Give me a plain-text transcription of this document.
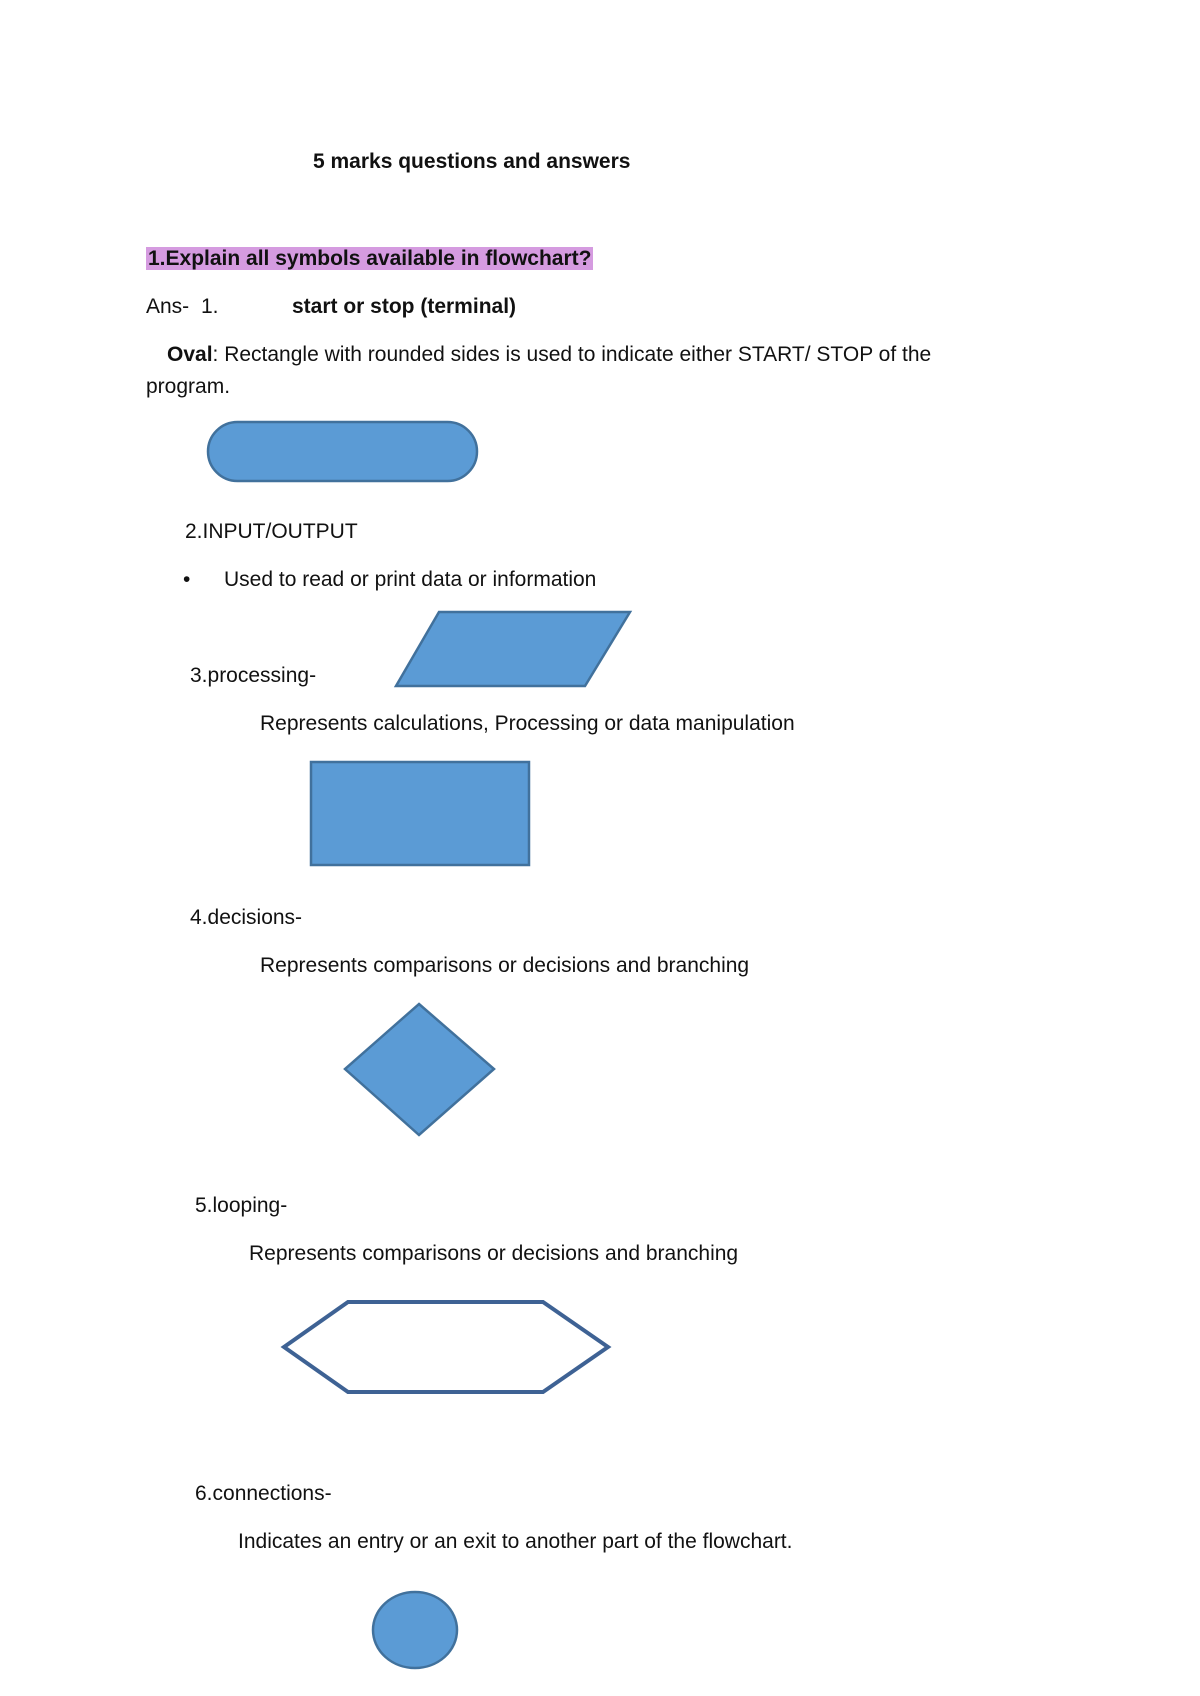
5 marks questions and answers
1.Explain all symbols available in flowchart?
Ans- 1.	start or stop (terminal)
Oval: Rectangle with rounded sides is used to indicate either START/ STOP of the
program.
2.INPUT/OUTPUT
• Used to read or print data or information
3.processing-
Represents calculations, Processing or data manipulation
4.decisions-
Represents comparisons or decisions and branching
5.looping-
Represents comparisons or decisions and branching
6.connections-
Indicates an entry or an exit to another part of the flowchart.
